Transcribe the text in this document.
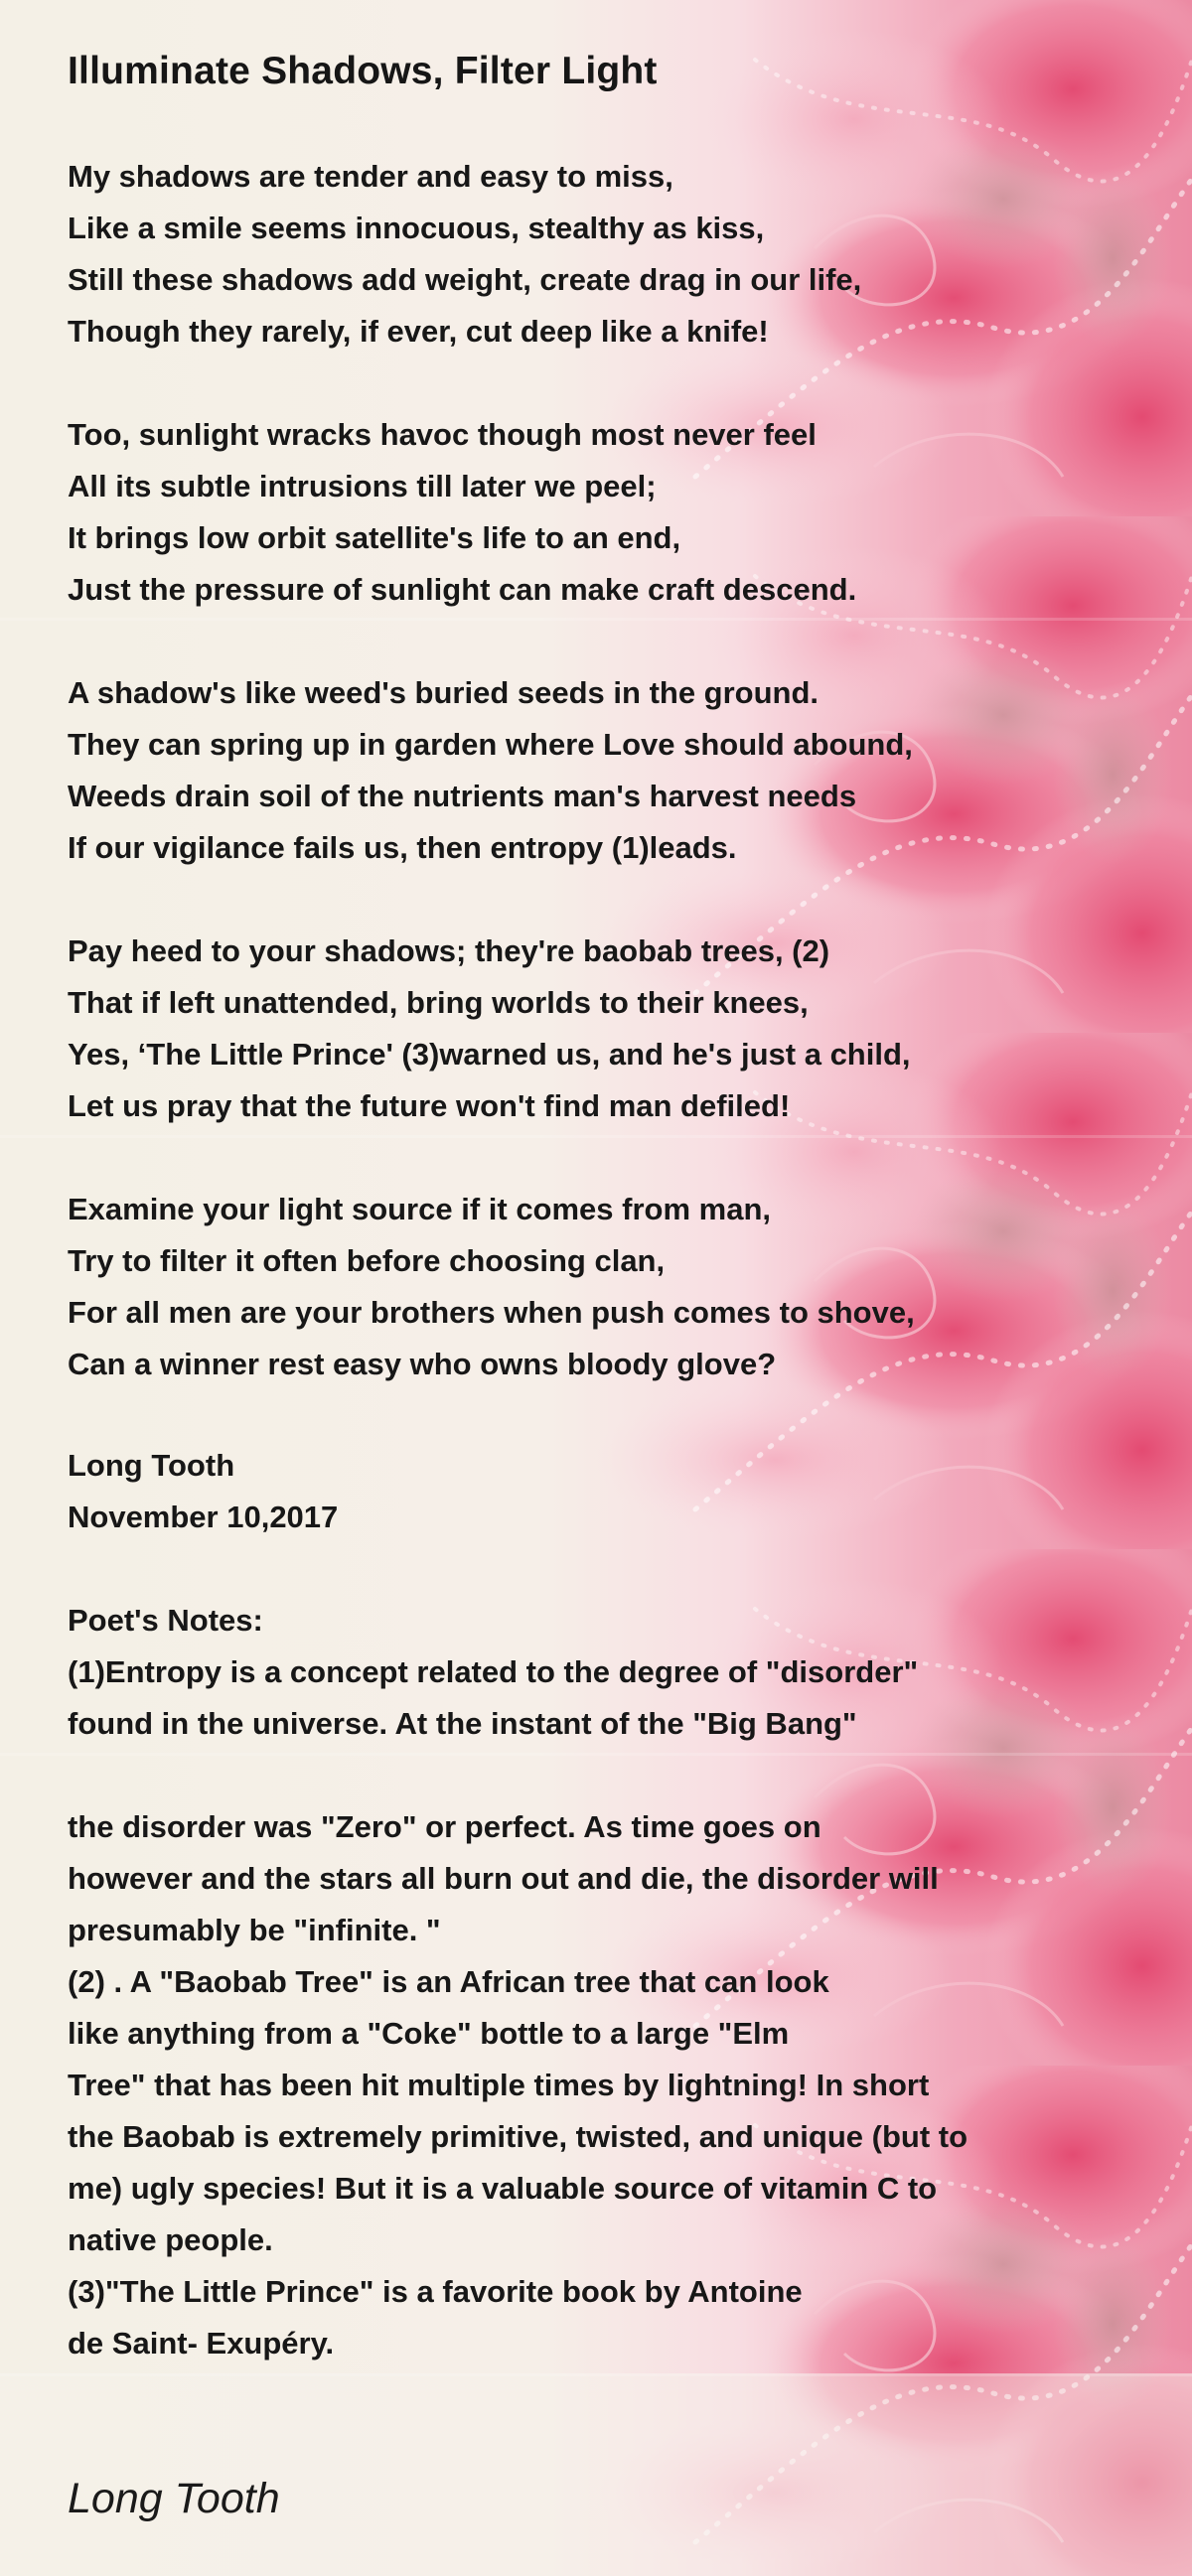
Illuminate Shadows, Filter Light
My shadows are tender and easy to miss,
Like a smile seems innocuous, stealthy as kiss,
Still these shadows add weight, create drag in our life,
Though they rarely, if ever, cut deep like a knife!
Too, sunlight wracks havoc though most never feel
All its subtle intrusions till later we peel;
It brings low orbit satellite's life to an end,
Just the pressure of sunlight can make craft descend.
A shadow's like weed's buried seeds in the ground.
They can spring up in garden where Love should abound,
Weeds drain soil of the nutrients man's harvest needs
If our vigilance fails us, then entropy (1)leads.
Pay heed to your shadows; they're baobab trees, (2)
That if left unattended, bring worlds to their knees,
Yes, ‘The Little Prince' (3)warned us, and he's just a child,
Let us pray that the future won't find man defiled!
Examine your light source if it comes from man,
Try to filter it often before choosing clan,
For all men are your brothers when push comes to shove,
Can a winner rest easy who owns bloody glove?
Long Tooth
November 10,2017
Poet's Notes:
(1)Entropy is a concept related to the degree of "disorder"
found in the universe. At the instant of the "Big Bang"
the disorder was "Zero" or perfect. As time goes on
however and the stars all burn out and die, the disorder will
presumably be "infinite. "
(2) . A "Baobab Tree" is an African tree that can look
like anything from a "Coke" bottle to a large "Elm
Tree" that has been hit multiple times by lightning! In short
the Baobab is extremely primitive, twisted, and unique (but to
me) ugly species! But it is a valuable source of vitamin C to
native people.
(3)"The Little Prince" is a favorite book by Antoine
de Saint- Exupéry.
Long Tooth
